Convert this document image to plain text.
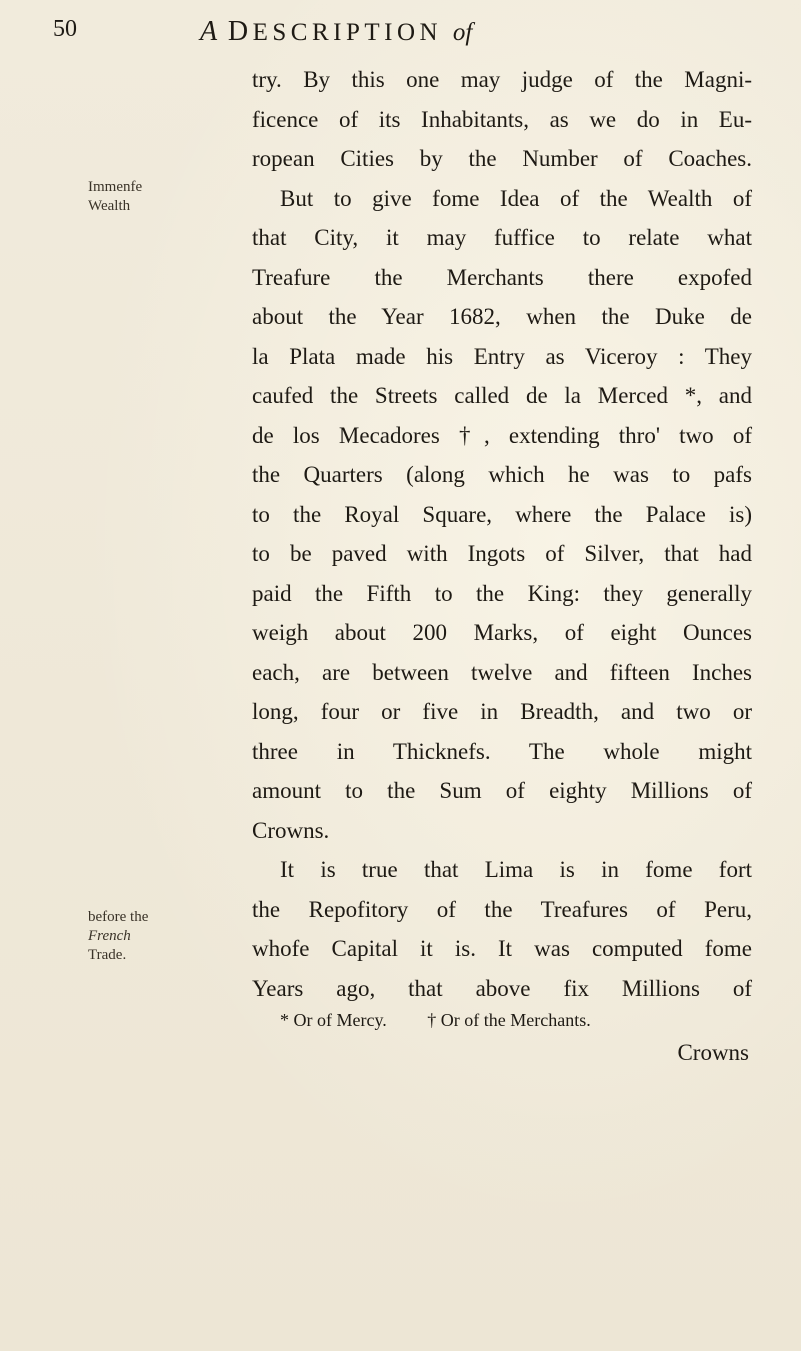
50	A DESCRIPTION of
Immenfe
Wealth
before the
French
Trade.
try. By this one may judge of the Magni-
ficence of its Inhabitants, as we do in Eu-
ropean Cities by the Number of Coaches.
But to give fome Idea of the Wealth of
that City, it may fuffice to relate what
Treafure the Merchants there expofed
about the Year 1682, when the Duke de
la Plata made his Entry as Viceroy : They
caufed the Streets called de la Merced *, and
de los Mecadores †, extending thro' two of
the Quarters (along which he was to pafs
to the Royal Square, where the Palace is)
to be paved with Ingots of Silver, that had
paid the Fifth to the King: they generally
weigh about 200 Marks, of eight Ounces
each, are between twelve and fifteen Inches
long, four or five in Breadth, and two or
three in Thicknefs. The whole might
amount to the Sum of eighty Millions of
Crowns.
It is true that Lima is in fome fort
the Repofitory of the Treafures of Peru,
whofe Capital it is. It was computed fome
Years ago, that above fix Millions of
* Or of Mercy. † Or of the Merchants.
Crowns
